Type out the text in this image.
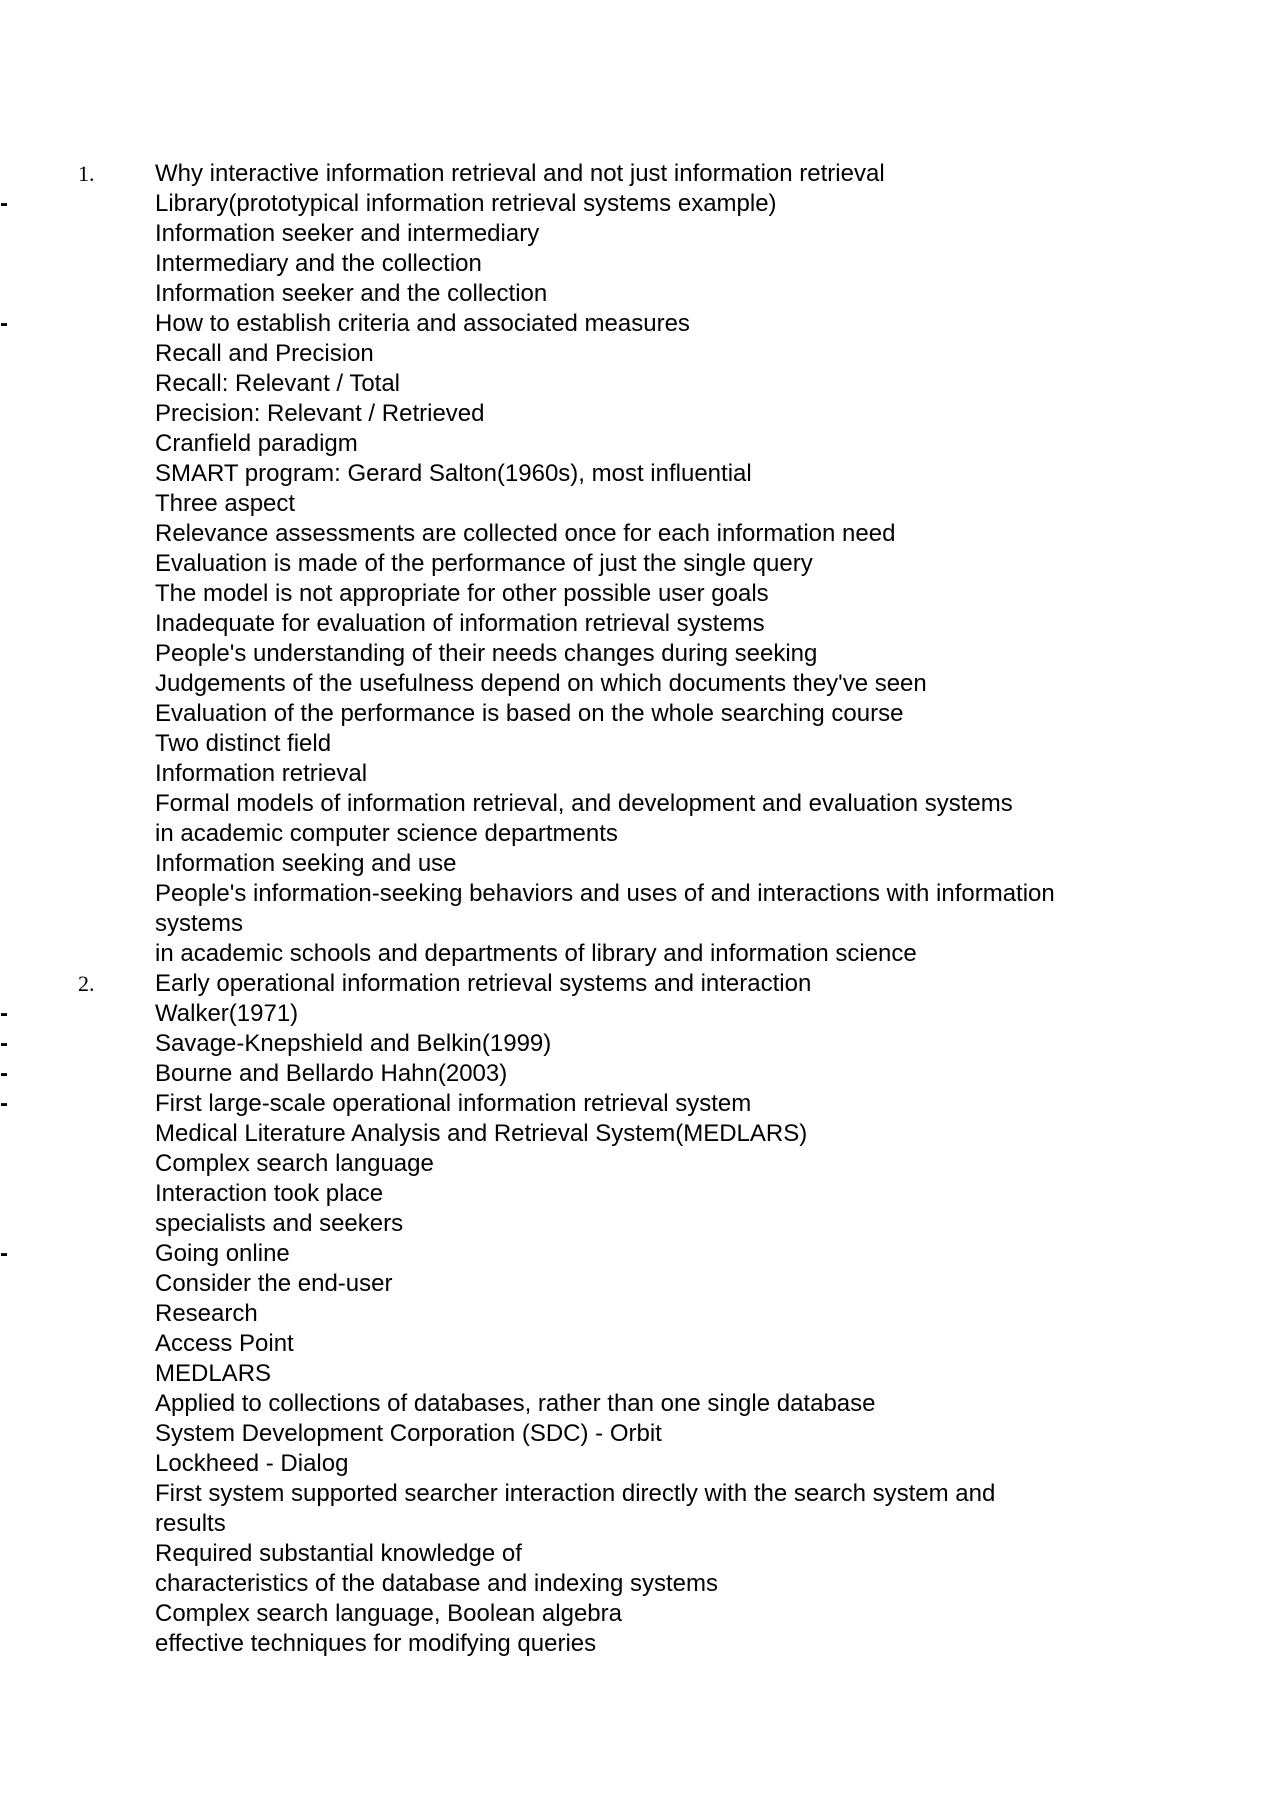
1.	Why interactive information retrieval and not just information retrieval
-	Library(prototypical information retrieval systems example)
Information seeker and intermediary
Intermediary and the collection
Information seeker and the collection
-	How to establish criteria and associated measures
Recall and Precision
Recall: Relevant / Total
Precision: Relevant / Retrieved
Cranfield paradigm
SMART program: Gerard Salton(1960s), most influential
Three aspect
Relevance assessments are collected once for each information need
Evaluation is made of the performance of just the single query
The model is not appropriate for other possible user goals
Inadequate for evaluation of information retrieval systems
People's understanding of their needs changes during seeking
Judgements of the usefulness depend on which documents they've seen
Evaluation of the performance is based on the whole searching course
Two distinct field
Information retrieval
Formal models of information retrieval, and development and evaluation systems
in academic computer science departments
Information seeking and use
People's information-seeking behaviors and uses of and interactions with information
systems
in academic schools and departments of library and information science
2.	Early operational information retrieval systems and interaction
-	Walker(1971)
-	Savage-Knepshield and Belkin(1999)
-	Bourne and Bellardo Hahn(2003)
-	First large-scale operational information retrieval system
Medical Literature Analysis and Retrieval System(MEDLARS)
Complex search language
Interaction took place
specialists and seekers
-	Going online
Consider the end-user
Research
Access Point
MEDLARS
Applied to collections of databases, rather than one single database
System Development Corporation (SDC) - Orbit
Lockheed - Dialog
First system supported searcher interaction directly with the search system and
results
Required substantial knowledge of
characteristics of the database and indexing systems
Complex search language, Boolean algebra
effective techniques for modifying queries
